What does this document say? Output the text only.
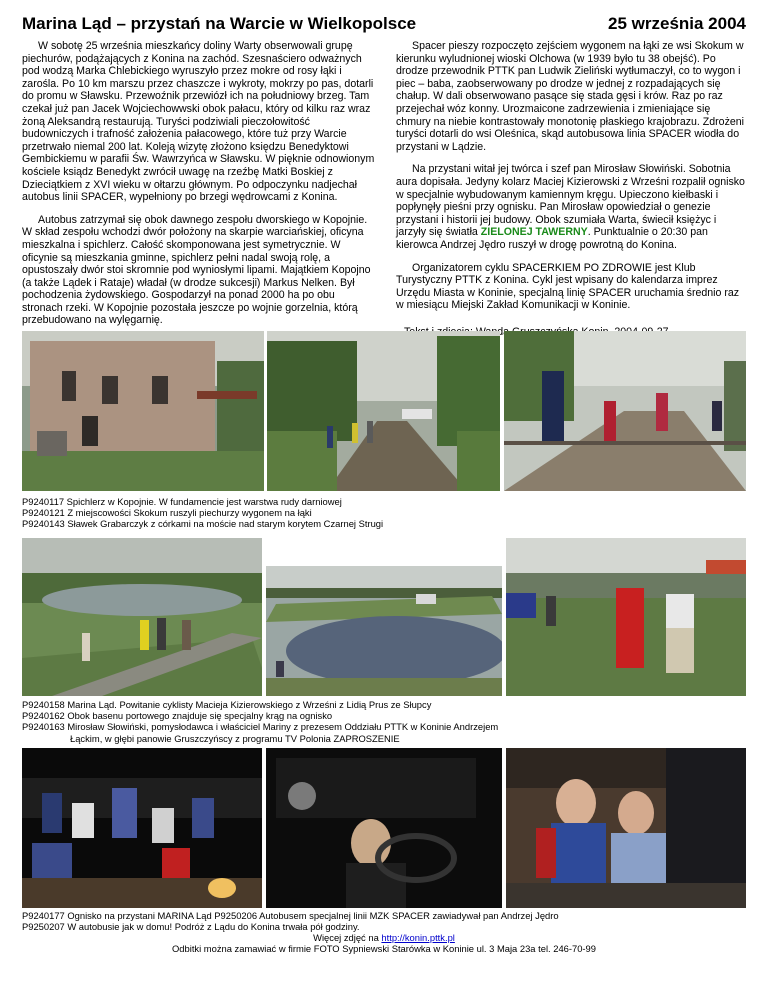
Marina Ląd – przystań na Warcie w Wielkopolsce	25 września 2004

W sobotę 25 września mieszkańcy doliny Warty obserwowali grupę piechurów, podążających z Konina na zachód. Szesnaściero odważnych pod wodzą Marka Chlebickiego wyruszyło przez mokre od rosy łąki i zarośla. Po 10 km marszu przez chaszcze i wykroty, mokrzy po pas, dotarli do promu w Sławsku. Przewoźnik przewiózł ich na południowy brzeg. Tam czekał już pan Jacek Wojciechowwski obok pałacu, który od kilku raz wraz żoną Aleksandrą restaurują. Turyści podziwiali pieczołowitość budowniczych i trafność założenia pałacowego, które tuż przy Warcie przetrwało niemal 200 lat. Koleją wizytę złożono księdzu Benedyktowi Gembickiemu w parafii Św. Wawrzyńca w Sławsku. W pięknie odnowionym kościele ksiądz Benedykt zwrócił uwagę na rzeźbę Matki Boskiej z Dzieciątkiem z XVI wieku w ołtarzu głównym. Po odpoczynku nadjechał autobus linii SPACER, wypełniony po brzegi wędrowcami z Konina.

Autobus zatrzymał się obok dawnego zespołu dworskiego w Kopojnie. W skład zespołu wchodzi dwór położony na skarpie warciańskiej, oficyna mieszkalna i spichlerz. Całość skomponowana jest symetrycznie. W oficynie są mieszkania gminne, spichlerz pełni nadal swoją rolę, a opustoszały dwór stoi skromnie pod wyniosłymi lipami. Majątkiem Kopojno (a także Lądek i Rataje) władał (w drodze sukcesji) Markus Nelken. Był pochodzenia żydowskiego. Gospodarzył na ponad 2000 ha po obu stronach rzeki. W Kopojnie pozostała jeszcze po wojnie gorzelnia, którą przebudowano na wylęgarnię.

Spacer pieszy rozpoczęto zejściem wygonem na łąki ze wsi Skokum w kierunku wyludnionej wioski Olchowa (w 1939 było tu 38 obejść). Po drodze przewodnik PTTK pan Ludwik Zieliński wytłumaczył, co to wygon i piec – baba, zaobserwowany po drodze w jednej z rozpadających się chałup. W dali obserwowano pasące się stada gęsi i krów. Raz po raz przejechał wóz konny. Urozmaicone zadrzewienia i zmieniające się chmury na niebie kontrastowały monotonię płaskiego krajobrazu. Zdrożeni turyści dotarli do wsi Oleśnica, skąd autobusowa linia SPACER wiodła do przystani w Lądzie.

Na przystani witał jej twórca i szef pan Mirosław Słowiński. Sobotnia aura dopisała. Jedyny kolarz Maciej Kizierowski z Wrześni rozpalił ognisko w specjalnie wybudowanym kamiennym kręgu. Upieczono kiełbaski i popłynęły pieśni przy ognisku. Pan Mirosław opowiedział o genezie przystani i historii jej budowy. Obok szumiała Warta, świecił księżyc i jarzyły się światła ZIELONEJ TAWERNY. Punktualnie o 20:30 pan kierowca Andrzej Jędro ruszył w drogę powrotną do Konina.

Organizatorem cyklu SPACERKIEM PO ZDROWIE jest Klub Turystyczny PTTK z Konina. Cykl jest wpisany do kalendarza imprez Urzędu Miasta w Koninie, specjalną linię SPACER uruchamia średnio raz w miesiącu Miejski Zakład Komunikacji w Koninie.

P9240117 Spichlerz w Kopojnie. W fundamencie jest warstwa rudy darniowej
P9240121 Z miejscowości Skokum ruszyli piechurzy wygonem na łąki
P9240143 Sławek Grabarczyk z córkami na moście nad starym korytem Czarnej Strugi
P9240158 Marina Ląd. Powitanie cyklisty Macieja Kizierowskiego z Wrześni z Lidią Prus ze Słupcy
P9240162 Obok basenu portowego znajduje się specjalny krąg na ognisko
P9240163 Mirosław Słowiński, pomysłodawca i właściciel Mariny z prezesem Oddziału PTTK w Koninie Andrzejem
Łąckim, w głębi panowie Gruszczyńscy z programu TV Polonia ZAPROSZENIE
P9240177 Ognisko na przystani MARINA Ląd P9250206 Autobusem specjalnej linii MZK SPACER zawiadywał pan Andrzej Jędro
P9250207 W autobusie jak w domu! Podróż z Lądu do Konina trwała pół godziny.
Więcej zdjęć na http://konin.pttk.pl
Odbitki można zamawiać w firmie FOTO Sypniewski Starówka w Koninie ul. 3 Maja 23a tel. 246-70-99
